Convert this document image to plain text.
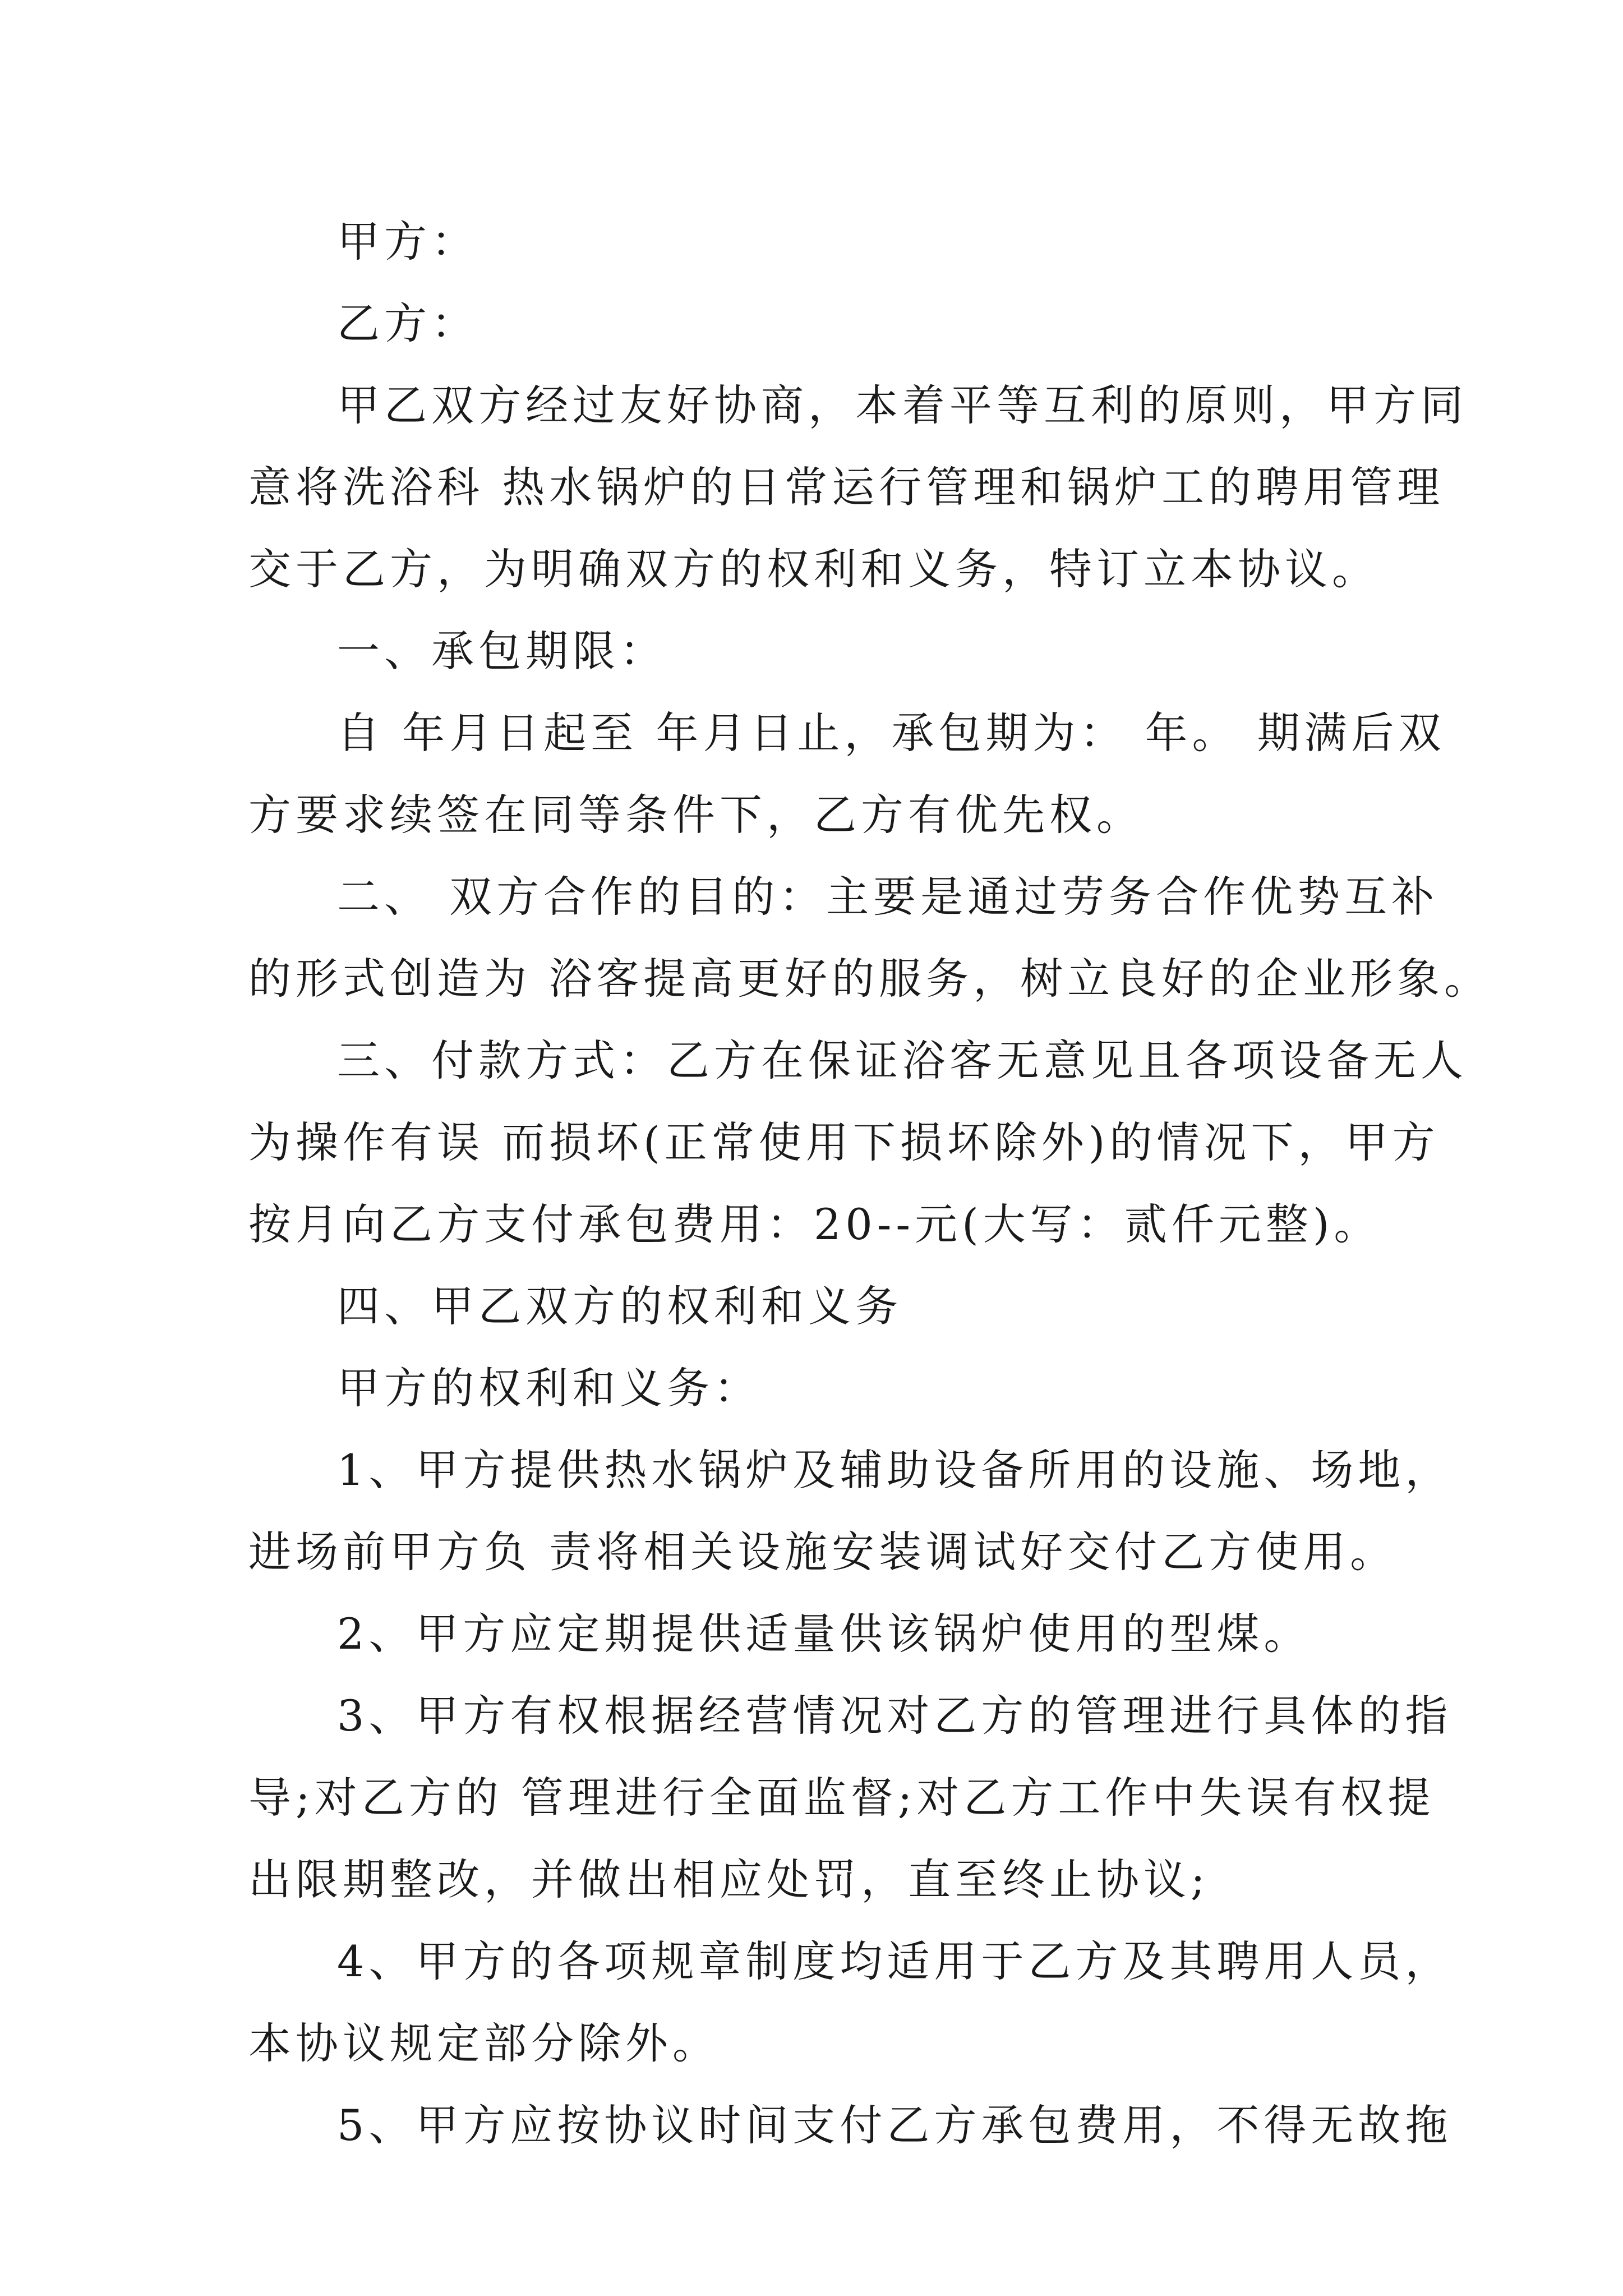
甲方：

乙方：

甲乙双方经过友好协商，本着平等互利的原则，甲方同
意将洗浴科 热水锅炉的日常运行管理和锅炉工的聘用管理
交于乙方，为明确双方的权利和义务，特订立本协议。

一、承包期限：

自 年月日起至 年月日止，承包期为： 年。 期满后双
方要求续签在同等条件下，乙方有优先权。

二、 双方合作的目的：主要是通过劳务合作优势互补
的形式创造为 浴客提高更好的服务，树立良好的企业形象。

三、付款方式：乙方在保证浴客无意见且各项设备无人
为操作有误 而损坏(正常使用下损坏除外)的情况下，甲方
按月向乙方支付承包费用：20--元(大写：贰仟元整)。

四、甲乙双方的权利和义务

甲方的权利和义务：

1、甲方提供热水锅炉及辅助设备所用的设施、场地，
进场前甲方负 责将相关设施安装调试好交付乙方使用。

2、甲方应定期提供适量供该锅炉使用的型煤。

3、甲方有权根据经营情况对乙方的管理进行具体的指
导;对乙方的 管理进行全面监督;对乙方工作中失误有权提
出限期整改，并做出相应处罚，直至终止协议;

4、甲方的各项规章制度均适用于乙方及其聘用人员，
本协议规定部分除外。

5、甲方应按协议时间支付乙方承包费用，不得无故拖
